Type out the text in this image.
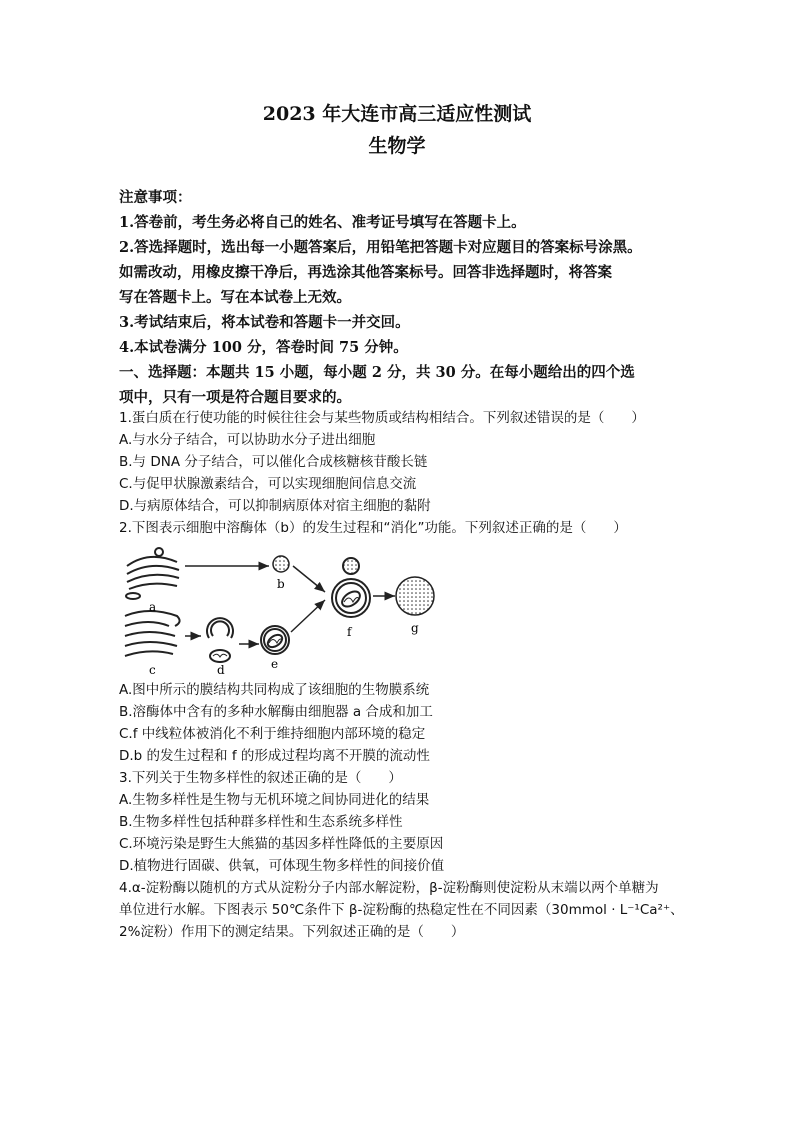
2023 年大连市高三适应性测试
生物学
注意事项：
1.答卷前，考生务必将自己的姓名、准考证号填写在答题卡上。
2.答选择题时，选出每一小题答案后，用铅笔把答题卡对应题目的答案标号涂黑。
如需改动，用橡皮擦干净后，再选涂其他答案标号。回答非选择题时，将答案
写在答题卡上。写在本试卷上无效。
3.考试结束后，将本试卷和答题卡一并交回。
4.本试卷满分 100 分，答卷时间 75 分钟。
一、选择题：本题共 15 小题，每小题 2 分，共 30 分。在每小题给出的四个选
项中，只有一项是符合题目要求的。
1.蛋白质在行使功能的时候往往会与某些物质或结构相结合。下列叙述错误的是（　　）
A.与水分子结合，可以协助水分子进出细胞
B.与 DNA 分子结合，可以催化合成核糖核苷酸长链
C.与促甲状腺激素结合，可以实现细胞间信息交流
D.与病原体结合，可以抑制病原体对宿主细胞的黏附
2.下图表示细胞中溶酶体（b）的发生过程和“消化”功能。下列叙述正确的是（　　）
a
b
c	d	e
f	g
A.图中所示的膜结构共同构成了该细胞的生物膜系统
B.溶酶体中含有的多种水解酶由细胞器 a 合成和加工
C.f 中线粒体被消化不利于维持细胞内部环境的稳定
D.b 的发生过程和 f 的形成过程均离不开膜的流动性
3.下列关于生物多样性的叙述正确的是（　　）
A.生物多样性是生物与无机环境之间协同进化的结果
B.生物多样性包括种群多样性和生态系统多样性
C.环境污染是野生大熊猫的基因多样性降低的主要原因
D.植物进行固碳、供氧，可体现生物多样性的间接价值
4.α-淀粉酶以随机的方式从淀粉分子内部水解淀粉，β-淀粉酶则使淀粉从末端以两个单糖为
单位进行水解。下图表示 50℃条件下 β-淀粉酶的热稳定性在不同因素（30mmol · L⁻¹Ca²⁺、
2%淀粉）作用下的测定结果。下列叙述正确的是（　　）
